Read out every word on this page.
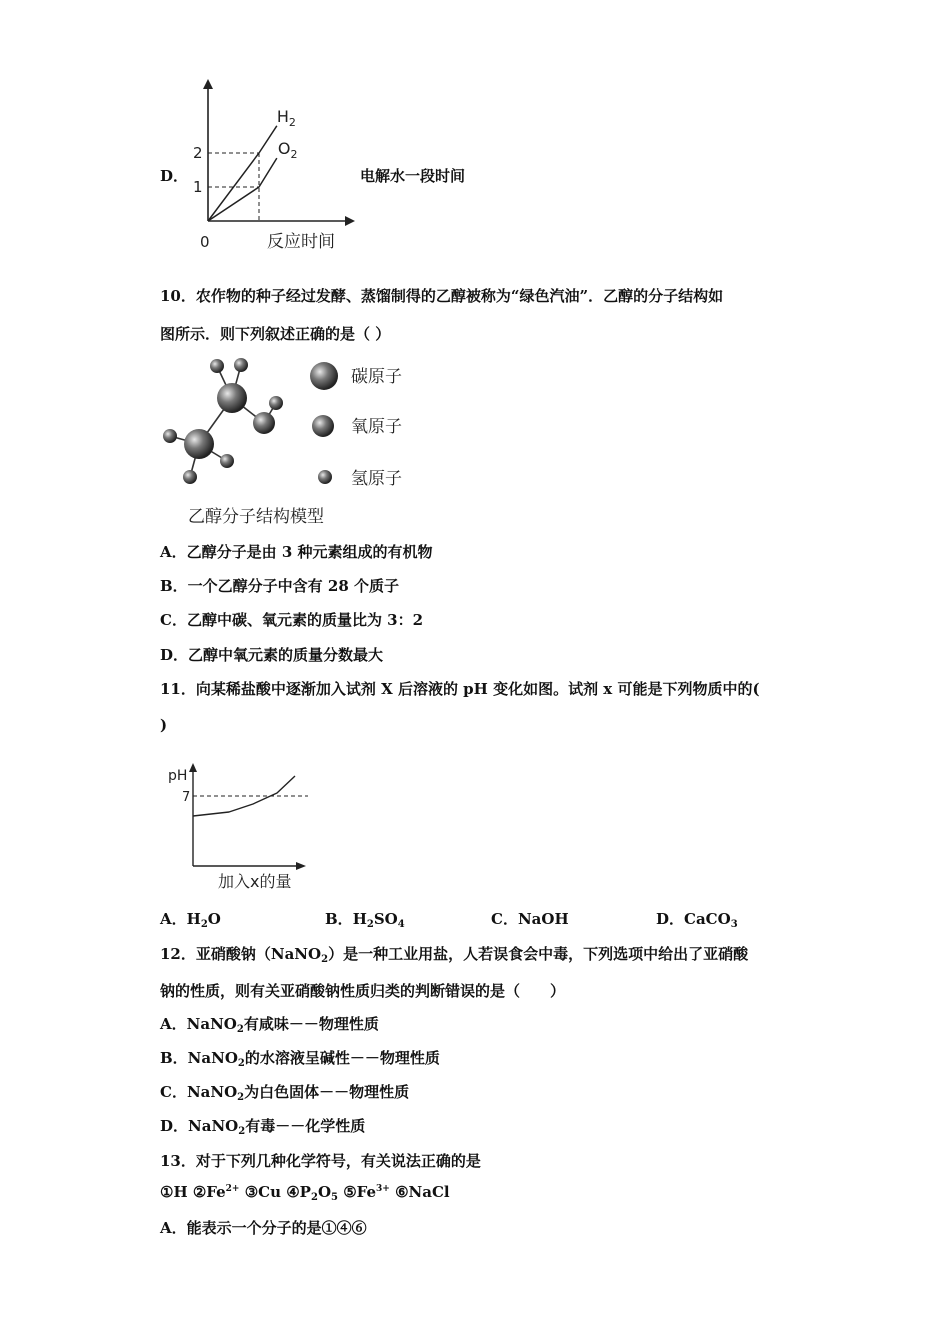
D．
1
2
0	反应时间
$H_2$
$O_2$
电解水一段时间
10．农作物的种子经过发酵、蒸馏制得的乙醇被称为“绿色汽油”．乙醇的分子结构如
图所示．则下列叙述正确的是（ ）
碳原子
氧原子
氢原子
乙醇分子结构模型
A．乙醇分子是由 3 种元素组成的有机物
B．一个乙醇分子中含有 28 个质子
C．乙醇中碳、氧元素的质量比为 3：2
D．乙醇中氧元素的质量分数最大
11．向某稀盐酸中逐渐加入试剂 X 后溶液的 pH 变化如图。试剂 x 可能是下列物质中的(
)
7
pH
加入x的量
A．$H_2O$	B．$H_2SO_4$	C．NaOH	D．CaCO$_3$
12．亚硝酸钠（NaNO$_2$）是一种工业用盐，人若误食会中毒，下列选项中给出了亚硝酸
钠的性质，则有关亚硝酸钠性质归类的判断错误的是（　　）
A．NaNO$_2$有咸味－－物理性质
B．NaNO$_2$的水溶液呈碱性－－物理性质
C．NaNO$_2$为白色固体－－物理性质
D．NaNO$_2$有毒－－化学性质
13．对于下列几种化学符号，有关说法正确的是
①H $②Fe^{2+}$ ③Cu $④P_2O_5$ $⑤Fe^{3+}$ ⑥NaCl
A．能表示一个分子的是①④⑥
